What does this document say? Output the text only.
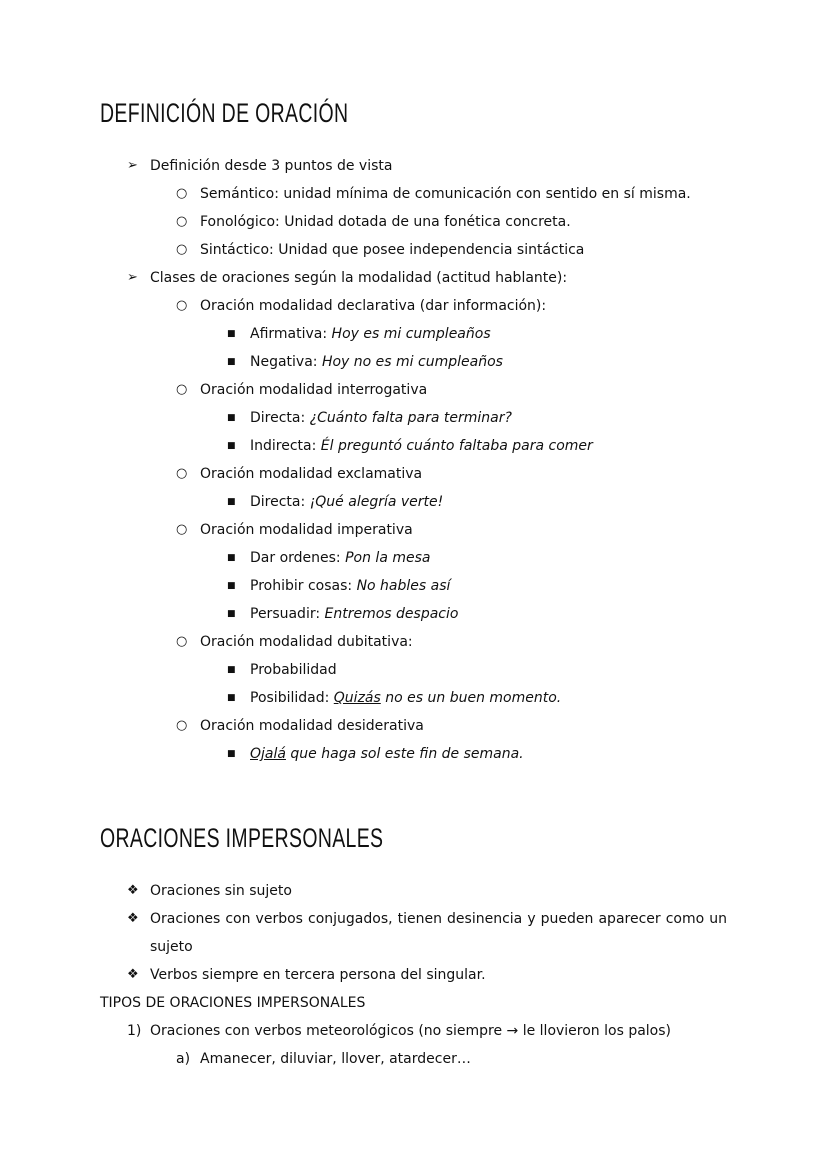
DEFINICIÓN DE ORACIÓN
➢ Definición desde 3 puntos de vista
○ Semántico: unidad mínima de comunicación con sentido en sí misma.
○ Fonológico: Unidad dotada de una fonética concreta.
○ Sintáctico: Unidad que posee independencia sintáctica
➢ Clases de oraciones según la modalidad (actitud hablante):
○ Oración modalidad declarativa (dar información):
■ Afirmativa: Hoy es mi cumpleaños
■ Negativa: Hoy no es mi cumpleaños
○ Oración modalidad interrogativa
■ Directa: ¿Cuánto falta para terminar?
■ Indirecta: Él preguntó cuánto faltaba para comer
○ Oración modalidad exclamativa
■ Directa: ¡Qué alegría verte!
○ Oración modalidad imperativa
■ Dar ordenes: Pon la mesa
■ Prohibir cosas: No hables así
■ Persuadir: Entremos despacio
○ Oración modalidad dubitativa:
■ Probabilidad
■ Posibilidad: Quizás no es un buen momento.
○ Oración modalidad desiderativa
■ Ojalá que haga sol este fin de semana.
ORACIONES IMPERSONALES
❖ Oraciones sin sujeto
❖ Oraciones con verbos conjugados, tienen desinencia y pueden aparecer como un sujeto
❖ Verbos siempre en tercera persona del singular.
TIPOS DE ORACIONES IMPERSONALES
1) Oraciones con verbos meteorológicos (no siempre → le llovieron los palos)
a) Amanecer, diluviar, llover, atardecer…
